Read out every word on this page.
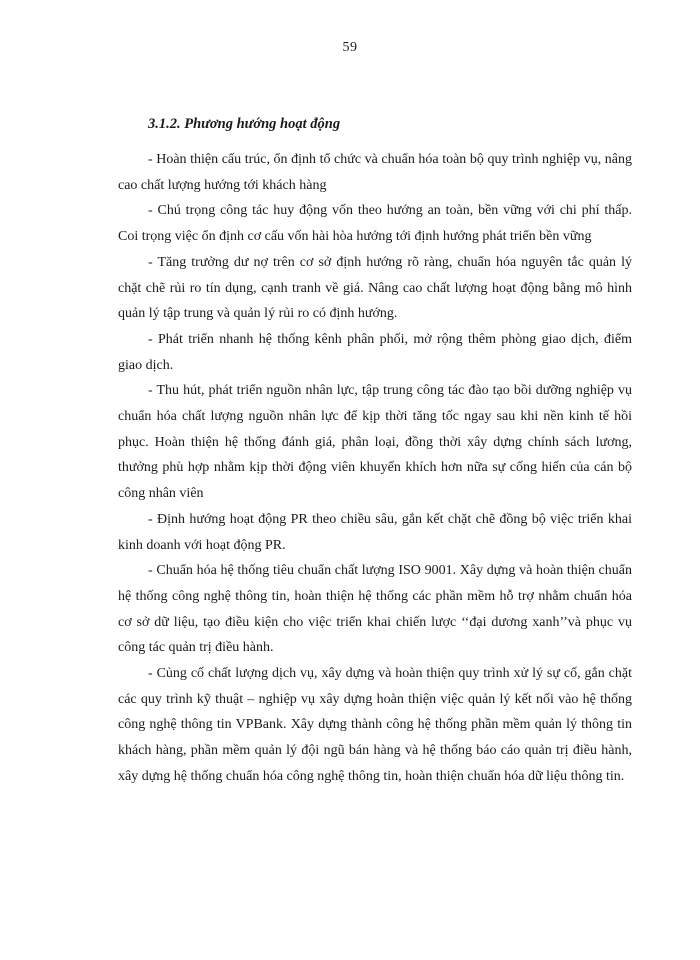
59
3.1.2. Phương hướng hoạt động

- Hoàn thiện cấu trúc, ổn định tổ chức và chuẩn hóa toàn bộ quy trình nghiệp vụ, nâng cao chất lượng hướng tới khách hàng

- Chú trọng công tác huy động vốn theo hướng an toàn, bền vững với chi phí thấp. Coi trọng việc ổn định cơ cấu vốn hài hòa hướng tới định hướng phát triển bền vững

- Tăng trưởng dư nợ trên cơ sở định hướng rõ ràng, chuẩn hóa nguyên tắc quản lý chặt chẽ rủi ro tín dụng, cạnh tranh về giá. Nâng cao chất lượng hoạt động bằng mô hình quản lý tập trung và quản lý rủi ro có định hướng.

- Phát triển nhanh hệ thống kênh phân phối, mở rộng thêm phòng giao dịch, điểm giao dịch.

- Thu hút, phát triển nguồn nhân lực, tập trung công tác đào tạo bồi dưỡng nghiệp vụ chuẩn hóa chất lượng nguồn nhân lực để kịp thời tăng tốc ngay sau khi nền kinh tế hồi phục. Hoàn thiện hệ thống đánh giá, phân loại, đồng thời xây dựng chính sách lương, thưởng phù hợp nhằm kịp thời động viên khuyến khích hơn nữa sự cống hiến của cán bộ công nhân viên

- Định hướng hoạt động PR theo chiều sâu, gắn kết chặt chẽ đồng bộ việc triển khai kinh doanh với hoạt động PR.

- Chuẩn hóa hệ thống tiêu chuẩn chất lượng ISO 9001. Xây dựng và hoàn thiện chuẩn hệ thống công nghệ thông tin, hoàn thiện hệ thống các phần mềm hỗ trợ nhằm chuẩn hóa cơ sở dữ liệu, tạo điều kiện cho việc triển khai chiến lược ‘‘đại dương xanh’’và phục vụ công tác quản trị điều hành.

- Củng cố chất lượng dịch vụ, xây dựng và hoàn thiện quy trình xử lý sự cố, gắn chặt các quy trình kỹ thuật – nghiệp vụ xây dựng hoàn thiện việc quản lý kết nối vào hệ thống công nghệ thông tin VPBank. Xây dựng thành công hệ thống phần mềm quản lý thông tin khách hàng, phần mềm quản lý đội ngũ bán hàng và hệ thống báo cáo quản trị điều hành, xây dựng hệ thống chuẩn hóa công nghệ thông tin, hoàn thiện chuẩn hóa dữ liệu thông tin.
